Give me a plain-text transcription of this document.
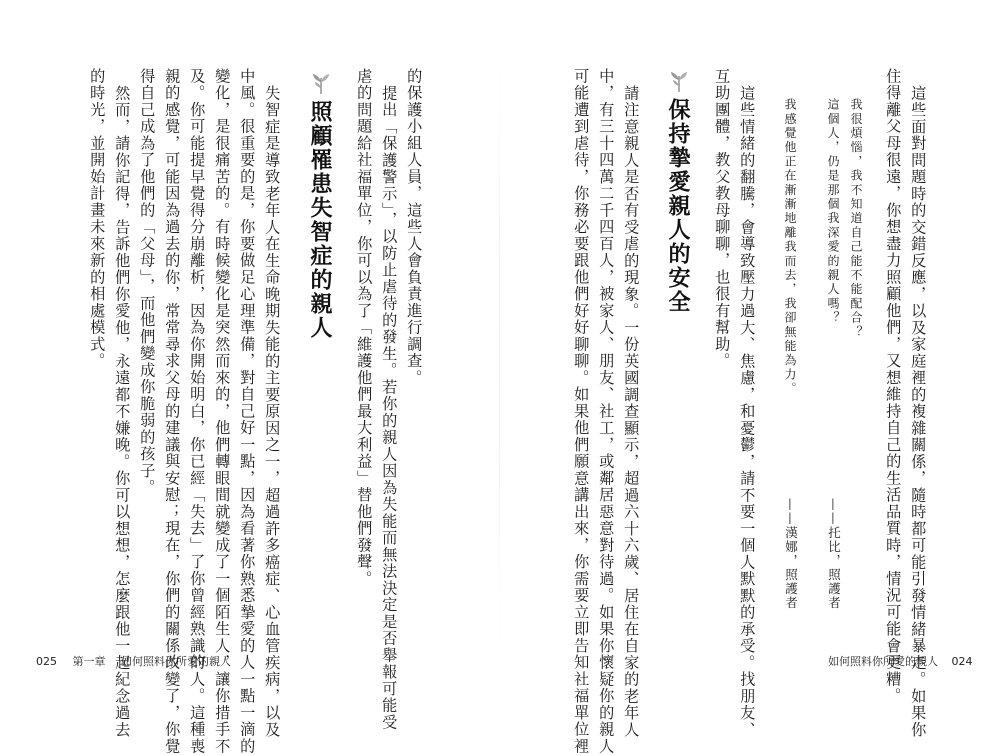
的保護小組人員，這些人會負責進行調查。
提出「保護警示」，以防止虐待的發生。若你的親人因為失能而無法決定是否舉報可能受
虐的問題給社福單位，你可以為了「維護他們最大利益」替他們發聲。
照顧罹患失智症的親人
失智症是導致老年人在生命晚期失能的主要原因之一，超過許多癌症、心血管疾病，以及
中風。很重要的是，你要做足心理準備，對自己好一點，因為看著你熟悉摯愛的人一點一滴的
變化，是很痛苦的。有時候變化是突然而來的，他們轉眼間就變成了一個陌生人，讓你措手不
及。你可能提早覺得分崩離析，因為你開始明白，你已經「失去」了你曾經熟識的人。這種喪
親的感覺，可能因為過去的你，常常尋求父母的建議與安慰；現在，你們的關係改變了，你覺
得自己成為了他們的「父母」，而他們變成你脆弱的孩子。
然而，請你記得，告訴他們你愛他，永遠都不嫌晚。你可以想想，怎麼跟他一起紀念過去
的時光，並開始計畫未來新的相處模式。
025 第一章 如何照料你所愛的親人	這些面對問題時的交錯反應，以及家庭裡的複雜關係，隨時都可能引發情緒暴走。如果你
住得離父母很遠，你想盡力照顧他們，又想維持自己的生活品質時，情況可能會更糟。
我很煩惱，我不知道自己能不能配合？
這個人，仍是那個我深愛的親人嗎？
——托比，照護者
我感覺他正在漸漸地離我而去，我卻無能為力。
——漢娜，照護者
這些情緒的翻騰，會導致壓力過大、焦慮，和憂鬱，請不要一個人默默的承受。找朋友、
互助團體，教父教母聊聊，也很有幫助。
保持摯愛親人的安全
請注意親人是否有受虐的現象。一份英國調查顯示，超過六十六歲、居住在自家的老年人
中，有三十四萬二千四百人，被家人、朋友、社工，或鄰居惡意對待過。如果你懷疑你的親人
可能遭到虐待，你務必要跟他們好好聊聊。如果他們願意講出來，你需要立即告知社福單位裡	如何照料你所愛的親人 024
